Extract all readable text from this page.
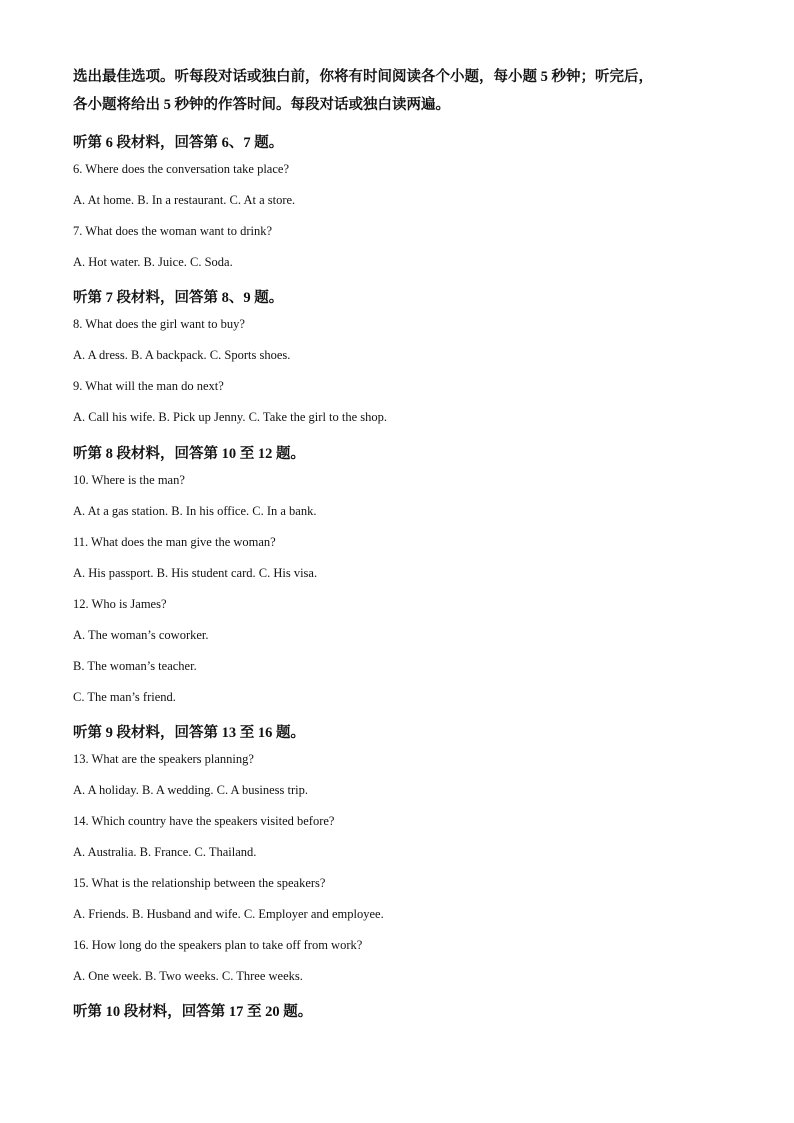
选出最佳选项。听每段对话或独白前，你将有时间阅读各个小题，每小题 5 秒钟；听完后，
各小题将给出 5 秒钟的作答时间。每段对话或独白读两遍。
听第 6 段材料，回答第 6、7 题。
6. Where does the conversation take place?
A. At home. B. In a restaurant. C. At a store.
7. What does the woman want to drink?
A. Hot water. B. Juice. C. Soda.
听第 7 段材料，回答第 8、9 题。
8. What does the girl want to buy?
A. A dress. B. A backpack. C. Sports shoes.
9. What will the man do next?
A. Call his wife. B. Pick up Jenny. C. Take the girl to the shop.
听第 8 段材料，回答第 10 至 12 题。
10. Where is the man?
A. At a gas station. B. In his office. C. In a bank.
11. What does the man give the woman?
A. His passport. B. His student card. C. His visa.
12. Who is James?
A. The woman’s coworker.
B. The woman’s teacher.
C. The man’s friend.
听第 9 段材料，回答第 13 至 16 题。
13. What are the speakers planning?
A. A holiday. B. A wedding. C. A business trip.
14. Which country have the speakers visited before?
A. Australia. B. France. C. Thailand.
15. What is the relationship between the speakers?
A. Friends. B. Husband and wife. C. Employer and employee.
16. How long do the speakers plan to take off from work?
A. One week. B. Two weeks. C. Three weeks.
听第 10 段材料，回答第 17 至 20 题。
